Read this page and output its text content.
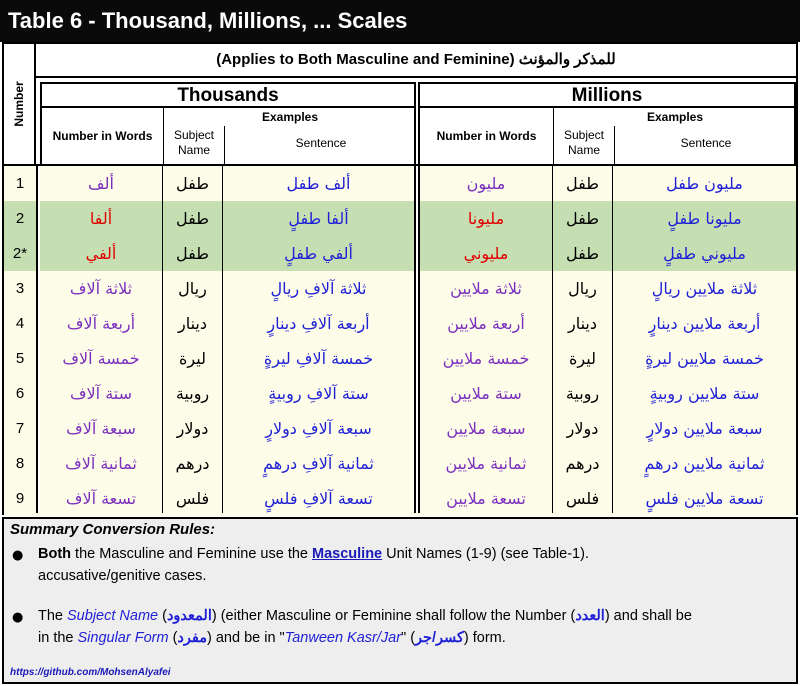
Table 6 - Thousand, Millions, ... Scales
Number
(Applies to Both Masculine and Feminine) للمذكر والمؤنث
Thousands
Number in Words
Examples
Subject Name	Sentence
Millions
Number in Words
Examples
Subject Name	Sentence
1	ألف	طفل	ألف طفل	مليون	طفل	مليون طفل
2	ألفا	طفل	ألفا طفلٍ	مليونا	طفل	مليونا طفلٍ
2*	ألفي	طفل	ألفي طفلٍ	مليوني	طفل	مليوني طفلٍ
3	ثلاثة آلاف	ريال	ثلاثة آلافِ ريالٍ	ثلاثة ملايين	ريال	ثلاثة ملايين ريالٍ
4	أربعة آلاف	دينار	أربعة آلافِ دينارٍ	أربعة ملايين	دينار	أربعة ملايين دينارٍ
5	خمسة آلاف	ليرة	خمسة آلافِ ليرةٍ	خمسة ملايين	ليرة	خمسة ملايين ليرةٍ
6	ستة آلاف	روبية	ستة آلافِ روبيةٍ	ستة ملايين	روبية	ستة ملايين روبيةٍ
7	سبعة آلاف	دولار	سبعة آلافِ دولارٍ	سبعة ملايين	دولار	سبعة ملايين دولارٍ
8	ثمانية آلاف	درهم	ثمانية آلافِ درهمٍ	ثمانية ملايين	درهم	ثمانية ملايين درهمٍ
9	تسعة آلاف	فلس	تسعة آلافِ فلسٍ	تسعة ملايين	فلس	تسعة ملايين فلسٍ
Summary Conversion Rules:
● Both the Masculine and Feminine use the Masculine Unit Names (1-9) (see Table-1).
accusative/genitive cases.
● The Subject Name (المعدود) (either Masculine or Feminine shall follow the Number (العدد) and shall be
in the Singular Form (مفرد) and be in "Tanween Kasr/Jar" (كسر/جر) form.
https://github.com/MohsenAlyafei
